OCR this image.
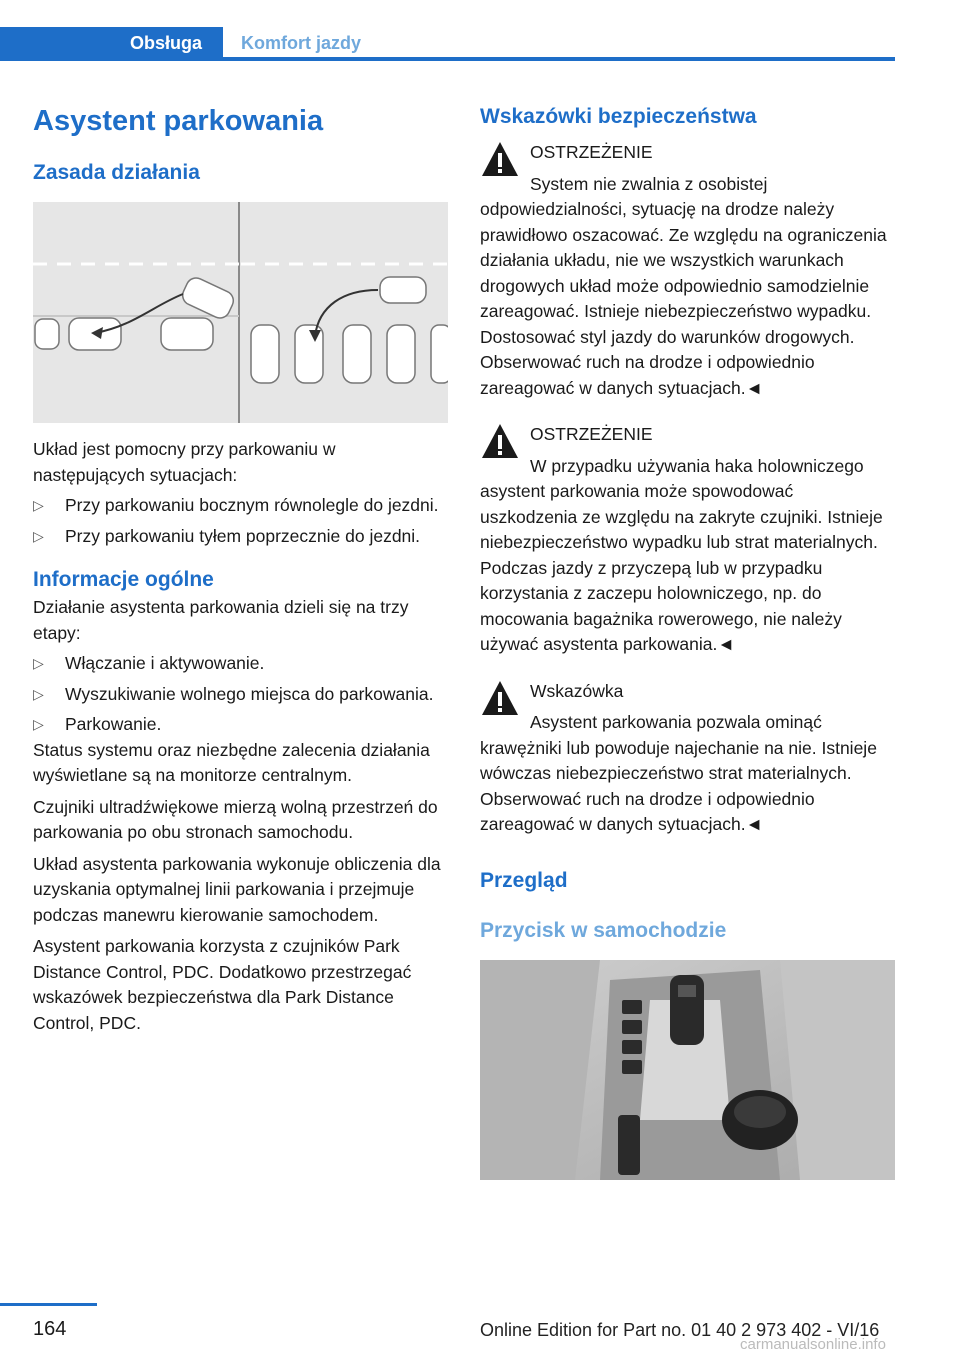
Obsługa Komfort jazdy
Asystent parkowania
Zasada działania

Układ jest pomocny przy parkowaniu w następujących sytuacjach:

▷ Przy parkowaniu bocznym równolegle do jezdni.
▷ Przy parkowaniu tyłem poprzecznie do jezdni.
Informacje ogólne

Działanie asystenta parkowania dzieli się na trzy etapy:

▷ Włączanie i aktywowanie.
▷ Wyszukiwanie wolnego miejsca do parkowania.
▷ Parkowanie.

Status systemu oraz niezbędne zalecenia działania wyświetlane są na monitorze centralnym.

Czujniki ultradźwiękowe mierzą wolną przestrzeń do parkowania po obu stronach samochodu.

Układ asystenta parkowania wykonuje obliczenia dla uzyskania optymalnej linii parkowania i przejmuje podczas manewru kierowanie samochodem.

Asystent parkowania korzysta z czujników Park Distance Control, PDC. Dodatkowo przestrzegać wskazówek bezpieczeństwa dla Park Distance Control, PDC.

Wskazówki bezpieczeństwa
OSTRZEŻENIE

System nie zwalnia z osobistej odpowiedzialności, sytuację na drodze należy prawidłowo oszacować. Ze względu na ograniczenia działania układu, nie we wszystkich warunkach drogowych układ może odpowiednio samodzielnie zareagować. Istnieje niebezpieczeństwo wypadku. Dostosować styl jazdy do warunków drogowych. Obserwować ruch na drodze i odpowiednio zareagować w danych sytuacjach.◄

OSTRZEŻENIE

W przypadku używania haka holowniczego asystent parkowania może spowodować uszkodzenia ze względu na zakryte czujniki. Istnieje niebezpieczeństwo wypadku lub strat materialnych. Podczas jazdy z przyczepą lub w przypadku korzystania z zaczepu holowniczego, np. do mocowania bagażnika rowerowego, nie należy używać asystenta parkowania.◄

Wskazówka

Asystent parkowania pozwala ominąć krawężniki lub powoduje najechanie na nie. Istnieje wówczas niebezpieczeństwo strat materialnych. Obserwować ruch na drodze i odpowiednio zareagować w danych sytuacjach.◄

Przegląd
Przycisk w samochodzie
164	Online Edition for Part no. 01 40 2 973 402 - VI/16
carmanualsonline.info
